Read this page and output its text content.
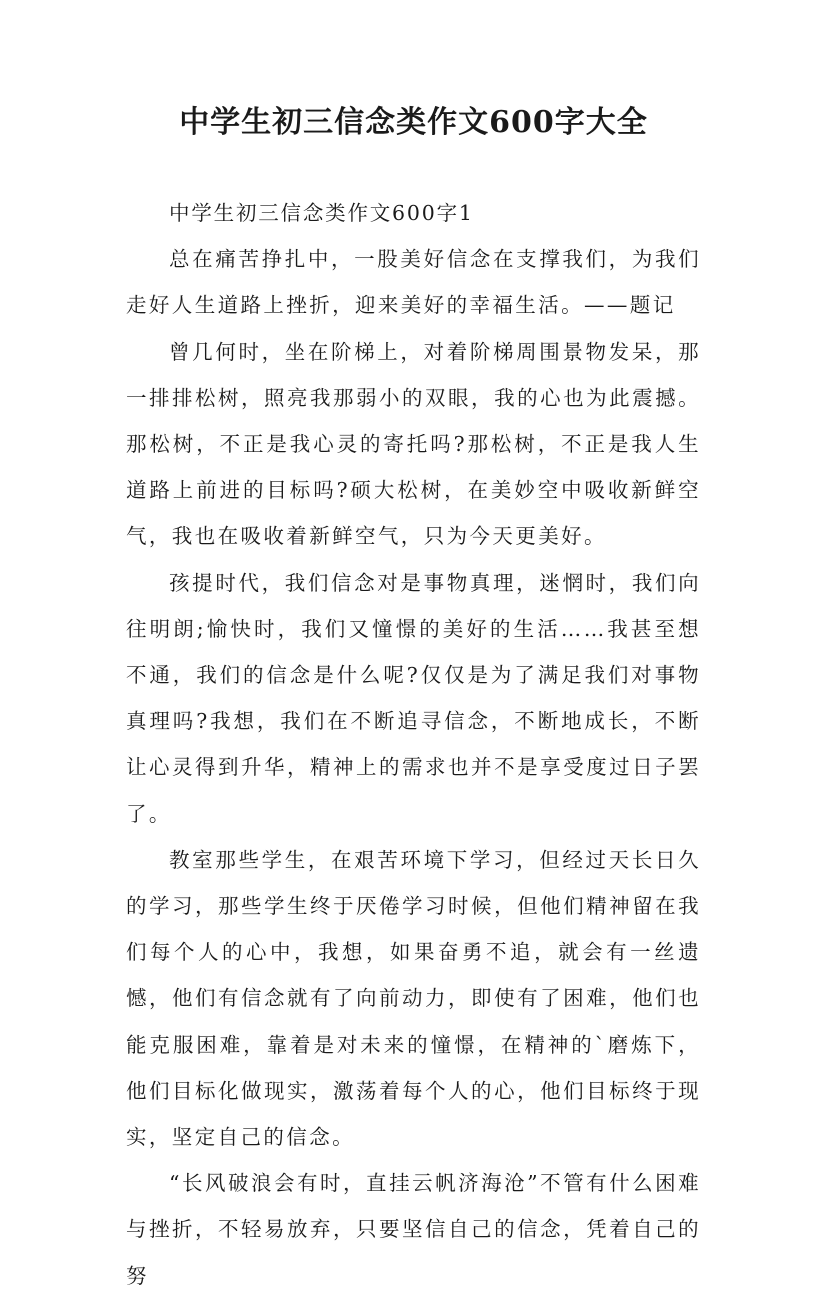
中学生初三信念类作文600字大全

中学生初三信念类作文600字1

总在痛苦挣扎中，一股美好信念在支撑我们，为我们走好人生道路上挫折，迎来美好的幸福生活。——题记

曾几何时，坐在阶梯上，对着阶梯周围景物发呆，那一排排松树，照亮我那弱小的双眼，我的心也为此震撼。那松树，不正是我心灵的寄托吗?那松树，不正是我人生道路上前进的目标吗?硕大松树，在美妙空中吸收新鲜空气，我也在吸收着新鲜空气，只为今天更美好。

孩提时代，我们信念对是事物真理，迷惘时，我们向往明朗;愉快时，我们又憧憬的美好的生活……我甚至想不通，我们的信念是什么呢?仅仅是为了满足我们对事物真理吗?我想，我们在不断追寻信念，不断地成长，不断让心灵得到升华，精神上的需求也并不是享受度过日子罢了。

教室那些学生，在艰苦环境下学习，但经过天长日久的学习，那些学生终于厌倦学习时候，但他们精神留在我们每个人的心中，我想，如果奋勇不追，就会有一丝遗憾，他们有信念就有了向前动力，即使有了困难，他们也能克服困难，靠着是对未来的憧憬，在精神的`磨炼下，他们目标化做现实，激荡着每个人的心，他们目标终于现实，坚定自己的信念。

“长风破浪会有时，直挂云帆济海沧”不管有什么困难与挫折，不轻易放弃，只要坚信自己的信念，凭着自己的努
